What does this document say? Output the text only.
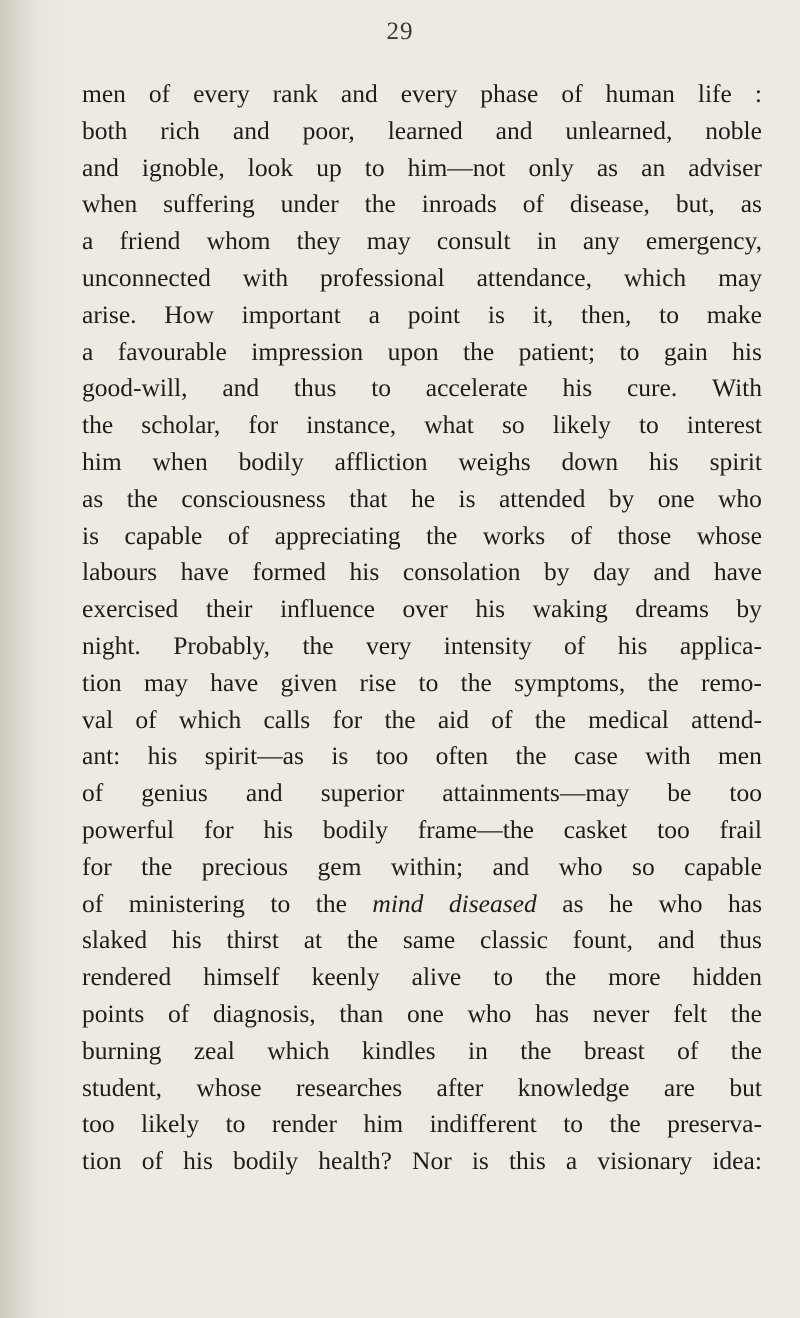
29
men of every rank and every phase of human life :
both rich and poor, learned and unlearned, noble
and ignoble, look up to him—not only as an adviser
when suffering under the inroads of disease, but, as
a friend whom they may consult in any emergency,
unconnected with professional attendance, which may
arise. How important a point is it, then, to make
a favourable impression upon the patient; to gain his
good-will, and thus to accelerate his cure. With
the scholar, for instance, what so likely to interest
him when bodily affliction weighs down his spirit
as the consciousness that he is attended by one who
is capable of appreciating the works of those whose
labours have formed his consolation by day and have
exercised their influence over his waking dreams by
night. Probably, the very intensity of his applica-
tion may have given rise to the symptoms, the remo-
val of which calls for the aid of the medical attend-
ant: his spirit—as is too often the case with men
of genius and superior attainments—may be too
powerful for his bodily frame—the casket too frail
for the precious gem within; and who so capable
of ministering to the mind diseased as he who has
slaked his thirst at the same classic fount, and thus
rendered himself keenly alive to the more hidden
points of diagnosis, than one who has never felt the
burning zeal which kindles in the breast of the
student, whose researches after knowledge are but
too likely to render him indifferent to the preserva-
tion of his bodily health? Nor is this a visionary idea:
